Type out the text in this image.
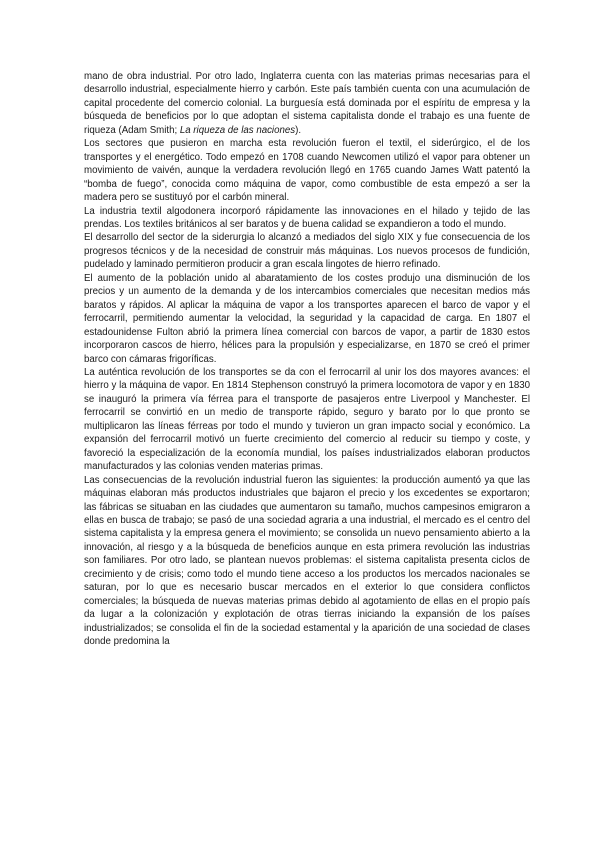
mano de obra industrial. Por otro lado, Inglaterra cuenta con las materias primas necesarias para el desarrollo industrial, especialmente hierro y carbón. Este país también cuenta con una acumulación de capital procedente del comercio colonial. La burguesía está dominada por el espíritu de empresa y la búsqueda de beneficios por lo que adoptan el sistema capitalista donde el trabajo es una fuente de riqueza (Adam Smith; La riqueza de las naciones).

Los sectores que pusieron en marcha esta revolución fueron el textil, el siderúrgico, el de los transportes y el energético. Todo empezó en 1708 cuando Newcomen utilizó el vapor para obtener un movimiento de vaivén, aunque la verdadera revolución llegó en 1765 cuando James Watt patentó la “bomba de fuego”, conocida como máquina de vapor, como combustible de esta empezó a ser la madera pero se sustituyó por el carbón mineral.

La industria textil algodonera incorporó rápidamente las innovaciones en el hilado y tejido de las prendas. Los textiles británicos al ser baratos y de buena calidad se expandieron a todo el mundo.

El desarrollo del sector de la siderurgia lo alcanzó a mediados del siglo XIX y fue consecuencia de los progresos técnicos y de la necesidad de construir más máquinas. Los nuevos procesos de fundición, pudelado y laminado permitieron producir a gran escala lingotes de hierro refinado.

El aumento de la población unido al abaratamiento de los costes produjo una disminución de los precios y un aumento de la demanda y de los intercambios comerciales que necesitan medios más baratos y rápidos. Al aplicar la máquina de vapor a los transportes aparecen el barco de vapor y el ferrocarril, permitiendo aumentar la velocidad, la seguridad y la capacidad de carga. En 1807 el estadounidense Fulton abrió la primera línea comercial con barcos de vapor, a partir de 1830 estos incorporaron cascos de hierro, hélices para la propulsión y especializarse, en 1870 se creó el primer barco con cámaras frigoríficas.

La auténtica revolución de los transportes se da con el ferrocarril al unir los dos mayores avances: el hierro y la máquina de vapor. En 1814 Stephenson construyó la primera locomotora de vapor y en 1830 se inauguró la primera vía férrea para el transporte de pasajeros entre Liverpool y Manchester. El ferrocarril se convirtió en un medio de transporte rápido, seguro y barato por lo que pronto se multiplicaron las líneas férreas por todo el mundo y tuvieron un gran impacto social y económico. La expansión del ferrocarril motivó un fuerte crecimiento del comercio al reducir su tiempo y coste, y favoreció la especialización de la economía mundial, los países industrializados elaboran productos manufacturados y las colonias venden materias primas.

Las consecuencias de la revolución industrial fueron las siguientes: la producción aumentó ya que las máquinas elaboran más productos industriales que bajaron el precio y los excedentes se exportaron; las fábricas se situaban en las ciudades que aumentaron su tamaño, muchos campesinos emigraron a ellas en busca de trabajo; se pasó de una sociedad agraria a una industrial, el mercado es el centro del sistema capitalista y la empresa genera el movimiento; se consolida un nuevo pensamiento abierto a la innovación, al riesgo y a la búsqueda de beneficios aunque en esta primera revolución las industrias son familiares. Por otro lado, se plantean nuevos problemas: el sistema capitalista presenta ciclos de crecimiento y de crisis; como todo el mundo tiene acceso a los productos los mercados nacionales se saturan, por lo que es necesario buscar mercados en el exterior lo que considera conflictos comerciales; la búsqueda de nuevas materias primas debido al agotamiento de ellas en el propio país da lugar a la colonización y explotación de otras tierras iniciando la expansión de los países industrializados; se consolida el fin de la sociedad estamental y la aparición de una sociedad de clases donde predomina la
